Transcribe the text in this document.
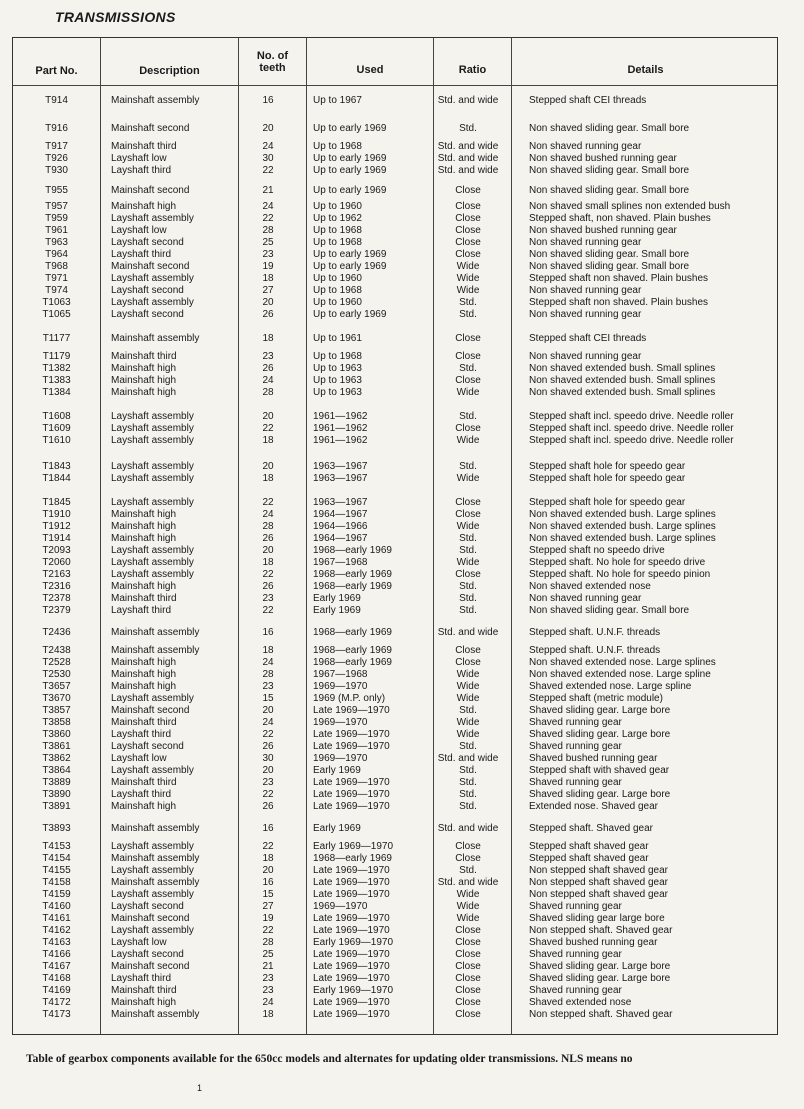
TRANSMISSIONS
Part No.	Description
No. of
teeth	Used	Ratio	Details
T914	Mainshaft assembly	16	Up to 1967	Std. and wide	Stepped shaft CEI threads
T916	Mainshaft second	20	Up to early 1969	Std.	Non shaved sliding gear. Small bore
T917	Mainshaft third	24	Up to 1968	Std. and wide	Non shaved running gear
T926	Layshaft low	30	Up to early 1969	Std. and wide	Non shaved bushed running gear
T930	Layshaft third	22	Up to early 1969	Std. and wide	Non shaved sliding gear. Small bore
T955	Mainshaft second	21	Up to early 1969	Close	Non shaved sliding gear. Small bore
T957	Mainshaft high	24	Up to 1960	Close	Non shaved small splines non extended bush
T959	Layshaft assembly	22	Up to 1962	Close	Stepped shaft, non shaved. Plain bushes
T961	Layshaft low	28	Up to 1968	Close	Non shaved bushed running gear
T963	Layshaft second	25	Up to 1968	Close	Non shaved running gear
T964	Layshaft third	23	Up to early 1969	Close	Non shaved sliding gear. Small bore
T968	Mainshaft second	19	Up to early 1969	Wide	Non shaved sliding gear. Small bore
T971	Layshaft assembly	18	Up to 1960	Wide	Stepped shaft non shaved. Plain bushes
T974	Layshaft second	27	Up to 1968	Wide	Non shaved running gear
T1063	Layshaft assembly	20	Up to 1960	Std.	Stepped shaft non shaved. Plain bushes
T1065	Layshaft second	26	Up to early 1969	Std.	Non shaved running gear
T1177	Mainshaft assembly	18	Up to 1961	Close	Stepped shaft CEI threads
T1179	Mainshaft third	23	Up to 1968	Close	Non shaved running gear
T1382	Mainshaft high	26	Up to 1963	Std.	Non shaved extended bush. Small splines
T1383	Mainshaft high	24	Up to 1963	Close	Non shaved extended bush. Small splines
T1384	Mainshaft high	28	Up to 1963	Wide	Non shaved extended bush. Small splines
T1608	Layshaft assembly	20	1961—1962	Std.	Stepped shaft incl. speedo drive. Needle roller
T1609	Layshaft assembly	22	1961—1962	Close	Stepped shaft incl. speedo drive. Needle roller
T1610	Layshaft assembly	18	1961—1962	Wide	Stepped shaft incl. speedo drive. Needle roller
T1843	Layshaft assembly	20	1963—1967	Std.	Stepped shaft hole for speedo gear
T1844	Layshaft assembly	18	1963—1967	Wide	Stepped shaft hole for speedo gear
T1845	Layshaft assembly	22	1963—1967	Close	Stepped shaft hole for speedo gear
T1910	Mainshaft high	24	1964—1967	Close	Non shaved extended bush. Large splines
T1912	Mainshaft high	28	1964—1966	Wide	Non shaved extended bush. Large splines
T1914	Mainshaft high	26	1964—1967	Std.	Non shaved extended bush. Large splines
T2093	Layshaft assembly	20	1968—early 1969	Std.	Stepped shaft no speedo drive
T2060	Layshaft assembly	18	1967—1968	Wide	Stepped shaft. No hole for speedo drive
T2163	Layshaft assembly	22	1968—early 1969	Close	Stepped shaft. No hole for speedo pinion
T2316	Mainshaft high	26	1968—early 1969	Std.	Non shaved extended nose
T2378	Mainshaft third	23	Early 1969	Std.	Non shaved running gear
T2379	Layshaft third	22	Early 1969	Std.	Non shaved sliding gear. Small bore
T2436	Mainshaft assembly	16	1968—early 1969	Std. and wide	Stepped shaft. U.N.F. threads
T2438	Mainshaft assembly	18	1968—early 1969	Close	Stepped shaft. U.N.F. threads
T2528	Mainshaft high	24	1968—early 1969	Close	Non shaved extended nose. Large splines
T2530	Mainshaft high	28	1967—1968	Wide	Non shaved extended nose. Large spline
T3657	Mainshaft high	23	1969—1970	Wide	Shaved extended nose. Large spline
T3670	Layshaft assembly	15	1969 (M.P. only)	Wide	Stepped shaft (metric module)
T3857	Mainshaft second	20	Late 1969—1970	Std.	Shaved sliding gear. Large bore
T3858	Mainshaft third	24	1969—1970	Wide	Shaved running gear
T3860	Layshaft third	22	Late 1969—1970	Wide	Shaved sliding gear. Large bore
T3861	Layshaft second	26	Late 1969—1970	Std.	Shaved running gear
T3862	Layshaft low	30	1969—1970	Std. and wide	Shaved bushed running gear
T3864	Layshaft assembly	20	Early 1969	Std.	Stepped shaft with shaved gear
T3889	Mainshaft third	23	Late 1969—1970	Std.	Shaved running gear
T3890	Layshaft third	22	Late 1969—1970	Std.	Shaved sliding gear. Large bore
T3891	Mainshaft high	26	Late 1969—1970	Std.	Extended nose. Shaved gear
T3893	Mainshaft assembly	16	Early 1969	Std. and wide	Stepped shaft. Shaved gear
T4153	Layshaft assembly	22	Early 1969—1970	Close	Stepped shaft shaved gear
T4154	Mainshaft assembly	18	1968—early 1969	Close	Stepped shaft shaved gear
T4155	Layshaft assembly	20	Late 1969—1970	Std.	Non stepped shaft shaved gear
T4158	Mainshaft assembly	16	Late 1969—1970	Std. and wide	Non stepped shaft shaved gear
T4159	Layshaft assembly	15	Late 1969—1970	Wide	Non stepped shaft shaved gear
T4160	Layshaft second	27	1969—1970	Wide	Shaved running gear
T4161	Mainshaft second	19	Late 1969—1970	Wide	Shaved sliding gear large bore
T4162	Layshaft assembly	22	Late 1969—1970	Close	Non stepped shaft. Shaved gear
T4163	Layshaft low	28	Early 1969—1970	Close	Shaved bushed running gear
T4166	Layshaft second	25	Late 1969—1970	Close	Shaved running gear
T4167	Mainshaft second	21	Late 1969—1970	Close	Shaved sliding gear. Large bore
T4168	Layshaft third	23	Late 1969—1970	Close	Shaved sliding gear. Large bore
T4169	Mainshaft third	23	Early 1969—1970	Close	Shaved running gear
T4172	Mainshaft high	24	Late 1969—1970	Close	Shaved extended nose
T4173	Mainshaft assembly	18	Late 1969—1970	Close	Non stepped shaft. Shaved gear
Table of gearbox components available for the 650cc models and alternates for updating older transmissions. NLS means no
1
